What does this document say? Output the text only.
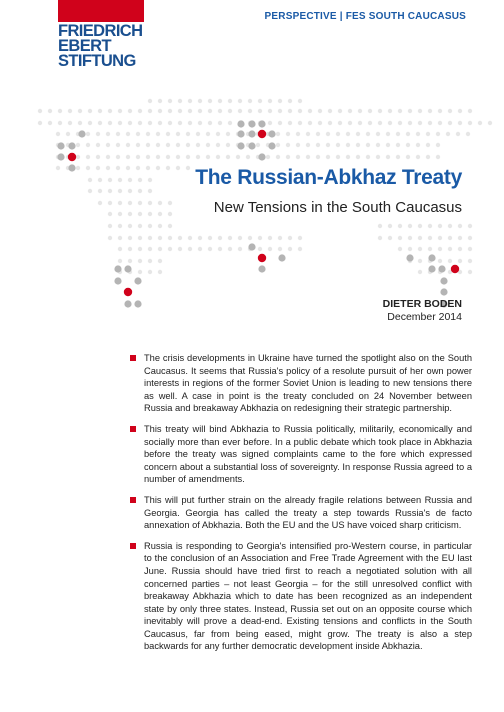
FRIEDRICH
EBERT
STIFTUNG
PERSPECTIVE | FES SOUTH CAUCASUS
The Russian-Abkhaz Treaty
New Tensions in the South Caucasus
DIETER BODEN
December 2014
The crisis developments in Ukraine have turned the spotlight also on the South Caucasus. It seems that Russia's policy of a resolute pursuit of her own power interests in regions of the former Soviet Union is leading to new tensions there as well. A case in point is the treaty concluded on 24 November between Russia and breakaway Abkhazia on redesigning their strategic partnership.
This treaty will bind Abkhazia to Russia politically, militarily, economically and socially more than ever before. In a public debate which took place in Abkhazia before the treaty was signed complaints came to the fore which expressed concern about a substantial loss of sovereignty. In response Russia agreed to a number of amendments.
This will put further strain on the already fragile relations between Russia and Georgia. Georgia has called the treaty a step towards Russia's de facto annexation of Abkhazia. Both the EU and the US have voiced sharp criticism.
Russia is responding to Georgia's intensified pro-Western course, in particular to the conclusion of an Association and Free Trade Agreement with the EU last June. Russia should have tried first to reach a negotiated solution with all concerned parties – not least Georgia – for the still unresolved conflict with breakaway Abkhazia which to date has been recognized as an independent state by only three states. Instead, Russia set out on an opposite course which inevitably will prove a dead-end. Existing tensions and conflicts in the South Caucasus, far from being eased, might grow. The treaty is also a step backwards for any further democratic development inside Abkhazia.
